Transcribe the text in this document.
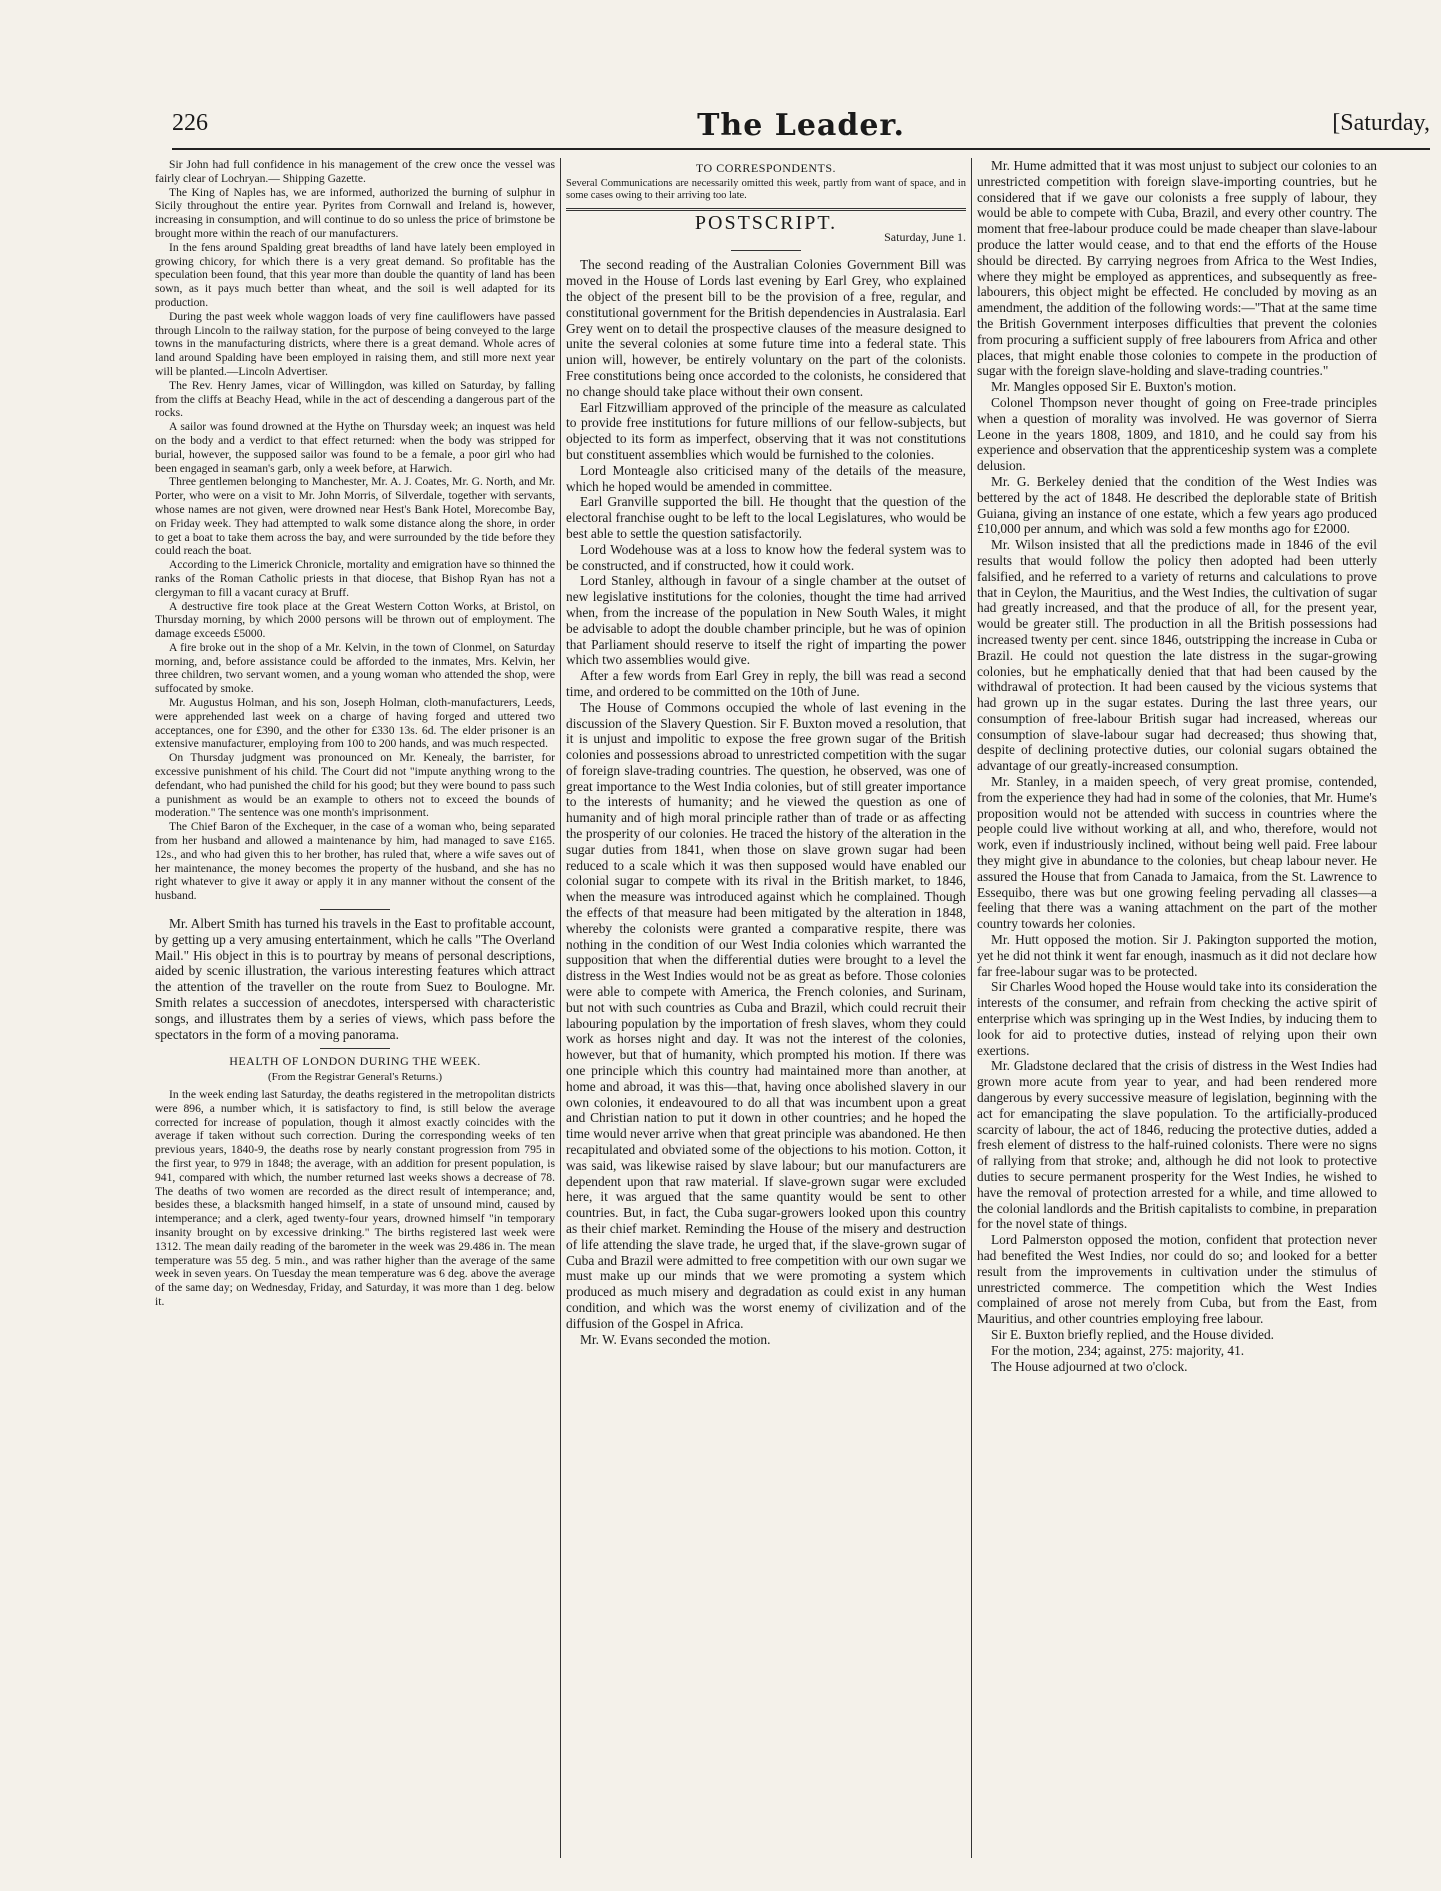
226	The Leader.	[Saturday,

Sir John had full confidence in his management of the crew once the vessel was fairly clear of Lochryan.— Shipping Gazette.

The King of Naples has, we are informed, authorized the burning of sulphur in Sicily throughout the entire year. Pyrites from Cornwall and Ireland is, however, increasing in consumption, and will continue to do so unless the price of brimstone be brought more within the reach of our manufacturers.

In the fens around Spalding great breadths of land have lately been employed in growing chicory, for which there is a very great demand. So profitable has the speculation been found, that this year more than double the quantity of land has been sown, as it pays much better than wheat, and the soil is well adapted for its production.

During the past week whole waggon loads of very fine cauliflowers have passed through Lincoln to the railway station, for the purpose of being conveyed to the large towns in the manufacturing districts, where there is a great demand. Whole acres of land around Spalding have been employed in raising them, and still more next year will be planted.—Lincoln Advertiser.

The Rev. Henry James, vicar of Willingdon, was killed on Saturday, by falling from the cliffs at Beachy Head, while in the act of descending a dangerous part of the rocks.

A sailor was found drowned at the Hythe on Thursday week; an inquest was held on the body and a verdict to that effect returned: when the body was stripped for burial, however, the supposed sailor was found to be a female, a poor girl who had been engaged in seaman's garb, only a week before, at Harwich.

Three gentlemen belonging to Manchester, Mr. A. J. Coates, Mr. G. North, and Mr. Porter, who were on a visit to Mr. John Morris, of Silverdale, together with servants, whose names are not given, were drowned near Hest's Bank Hotel, Morecombe Bay, on Friday week. They had attempted to walk some distance along the shore, in order to get a boat to take them across the bay, and were surrounded by the tide before they could reach the boat.

According to the Limerick Chronicle, mortality and emigration have so thinned the ranks of the Roman Catholic priests in that diocese, that Bishop Ryan has not a clergyman to fill a vacant curacy at Bruff.

A destructive fire took place at the Great Western Cotton Works, at Bristol, on Thursday morning, by which 2000 persons will be thrown out of employment. The damage exceeds £5000.

A fire broke out in the shop of a Mr. Kelvin, in the town of Clonmel, on Saturday morning, and, before assistance could be afforded to the inmates, Mrs. Kelvin, her three children, two servant women, and a young woman who attended the shop, were suffocated by smoke.

Mr. Augustus Holman, and his son, Joseph Holman, cloth-manufacturers, Leeds, were apprehended last week on a charge of having forged and uttered two acceptances, one for £390, and the other for £330 13s. 6d. The elder prisoner is an extensive manufacturer, employing from 100 to 200 hands, and was much respected.

On Thursday judgment was pronounced on Mr. Kenealy, the barrister, for excessive punishment of his child. The Court did not "impute anything wrong to the defendant, who had punished the child for his good; but they were bound to pass such a punishment as would be an example to others not to exceed the bounds of moderation." The sentence was one month's imprisonment.

The Chief Baron of the Exchequer, in the case of a woman who, being separated from her husband and allowed a maintenance by him, had managed to save £165. 12s., and who had given this to her brother, has ruled that, where a wife saves out of her maintenance, the money becomes the property of the husband, and she has no right whatever to give it away or apply it in any manner without the consent of the husband.

Mr. Albert Smith has turned his travels in the East to profitable account, by getting up a very amusing entertainment, which he calls "The Overland Mail." His object in this is to pourtray by means of personal descriptions, aided by scenic illustration, the various interesting features which attract the attention of the traveller on the route from Suez to Boulogne. Mr. Smith relates a succession of anecdotes, interspersed with characteristic songs, and illustrates them by a series of views, which pass before the spectators in the form of a moving panorama.

HEALTH OF LONDON DURING THE WEEK.
(From the Registrar General's Returns.)

In the week ending last Saturday, the deaths registered in the metropolitan districts were 896, a number which, it is satisfactory to find, is still below the average corrected for increase of population, though it almost exactly coincides with the average if taken without such correction. During the corresponding weeks of ten previous years, 1840-9, the deaths rose by nearly constant progression from 795 in the first year, to 979 in 1848; the average, with an addition for present population, is 941, compared with which, the number returned last weeks shows a decrease of 78. The deaths of two women are recorded as the direct result of intemperance; and, besides these, a blacksmith hanged himself, in a state of unsound mind, caused by intemperance; and a clerk, aged twenty-four years, drowned himself "in temporary insanity brought on by excessive drinking." The births registered last week were 1312. The mean daily reading of the barometer in the week was 29.486 in. The mean temperature was 55 deg. 5 min., and was rather higher than the average of the same week in seven years. On Tuesday the mean temperature was 6 deg. above the average of the same day; on Wednesday, Friday, and Saturday, it was more than 1 deg. below it.

TO CORRESPONDENTS.

Several Communications are necessarily omitted this week, partly from want of space, and in some cases owing to their arriving too late.

POSTSCRIPT.
Saturday, June 1.

The second reading of the Australian Colonies Government Bill was moved in the House of Lords last evening by Earl Grey, who explained the object of the present bill to be the provision of a free, regular, and constitutional government for the British dependencies in Australasia. Earl Grey went on to detail the prospective clauses of the measure designed to unite the several colonies at some future time into a federal state. This union will, however, be entirely voluntary on the part of the colonists. Free constitutions being once accorded to the colonists, he considered that no change should take place without their own consent.

Earl Fitzwilliam approved of the principle of the measure as calculated to provide free institutions for future millions of our fellow-subjects, but objected to its form as imperfect, observing that it was not constitutions but constituent assemblies which would be furnished to the colonies.

Lord Monteagle also criticised many of the details of the measure, which he hoped would be amended in committee.

Earl Granville supported the bill. He thought that the question of the electoral franchise ought to be left to the local Legislatures, who would be best able to settle the question satisfactorily.

Lord Wodehouse was at a loss to know how the federal system was to be constructed, and if constructed, how it could work.

Lord Stanley, although in favour of a single chamber at the outset of new legislative institutions for the colonies, thought the time had arrived when, from the increase of the population in New South Wales, it might be advisable to adopt the double chamber principle, but he was of opinion that Parliament should reserve to itself the right of imparting the power which two assemblies would give.

After a few words from Earl Grey in reply, the bill was read a second time, and ordered to be committed on the 10th of June.

The House of Commons occupied the whole of last evening in the discussion of the Slavery Question. Sir F. Buxton moved a resolution, that it is unjust and impolitic to expose the free grown sugar of the British colonies and possessions abroad to unrestricted competition with the sugar of foreign slave-trading countries. The question, he observed, was one of great importance to the West India colonies, but of still greater importance to the interests of humanity; and he viewed the question as one of humanity and of high moral principle rather than of trade or as affecting the prosperity of our colonies. He traced the history of the alteration in the sugar duties from 1841, when those on slave grown sugar had been reduced to a scale which it was then supposed would have enabled our colonial sugar to compete with its rival in the British market, to 1846, when the measure was introduced against which he complained. Though the effects of that measure had been mitigated by the alteration in 1848, whereby the colonists were granted a comparative respite, there was nothing in the condition of our West India colonies which warranted the supposition that when the differential duties were brought to a level the distress in the West Indies would not be as great as before. Those colonies were able to compete with America, the French colonies, and Surinam, but not with such countries as Cuba and Brazil, which could recruit their labouring population by the importation of fresh slaves, whom they could work as horses night and day. It was not the interest of the colonies, however, but that of humanity, which prompted his motion. If there was one principle which this country had maintained more than another, at home and abroad, it was this—that, having once abolished slavery in our own colonies, it endeavoured to do all that was incumbent upon a great and Christian nation to put it down in other countries; and he hoped the time would never arrive when that great principle was abandoned. He then recapitulated and obviated some of the objections to his motion. Cotton, it was said, was likewise raised by slave labour; but our manufacturers are dependent upon that raw material. If slave-grown sugar were excluded here, it was argued that the same quantity would be sent to other countries. But, in fact, the Cuba sugar-growers looked upon this country as their chief market. Reminding the House of the misery and destruction of life attending the slave trade, he urged that, if the slave-grown sugar of Cuba and Brazil were admitted to free competition with our own sugar we must make up our minds that we were promoting a system which produced as much misery and degradation as could exist in any human condition, and which was the worst enemy of civilization and of the diffusion of the Gospel in Africa.

Mr. W. Evans seconded the motion.

Mr. Hume admitted that it was most unjust to subject our colonies to an unrestricted competition with foreign slave-importing countries, but he considered that if we gave our colonists a free supply of labour, they would be able to compete with Cuba, Brazil, and every other country. The moment that free-labour produce could be made cheaper than slave-labour produce the latter would cease, and to that end the efforts of the House should be directed. By carrying negroes from Africa to the West Indies, where they might be employed as apprentices, and subsequently as free-labourers, this object might be effected. He concluded by moving as an amendment, the addition of the following words:—"That at the same time the British Government interposes difficulties that prevent the colonies from procuring a sufficient supply of free labourers from Africa and other places, that might enable those colonies to compete in the production of sugar with the foreign slave-holding and slave-trading countries."

Mr. Mangles opposed Sir E. Buxton's motion.

Colonel Thompson never thought of going on Free-trade principles when a question of morality was involved. He was governor of Sierra Leone in the years 1808, 1809, and 1810, and he could say from his experience and observation that the apprenticeship system was a complete delusion.

Mr. G. Berkeley denied that the condition of the West Indies was bettered by the act of 1848. He described the deplorable state of British Guiana, giving an instance of one estate, which a few years ago produced £10,000 per annum, and which was sold a few months ago for £2000.

Mr. Wilson insisted that all the predictions made in 1846 of the evil results that would follow the policy then adopted had been utterly falsified, and he referred to a variety of returns and calculations to prove that in Ceylon, the Mauritius, and the West Indies, the cultivation of sugar had greatly increased, and that the produce of all, for the present year, would be greater still. The production in all the British possessions had increased twenty per cent. since 1846, outstripping the increase in Cuba or Brazil. He could not question the late distress in the sugar-growing colonies, but he emphatically denied that that had been caused by the withdrawal of protection. It had been caused by the vicious systems that had grown up in the sugar estates. During the last three years, our consumption of free-labour British sugar had increased, whereas our consumption of slave-labour sugar had decreased; thus showing that, despite of declining protective duties, our colonial sugars obtained the advantage of our greatly-increased consumption.

Mr. Stanley, in a maiden speech, of very great promise, contended, from the experience they had had in some of the colonies, that Mr. Hume's proposition would not be attended with success in countries where the people could live without working at all, and who, therefore, would not work, even if industriously inclined, without being well paid. Free labour they might give in abundance to the colonies, but cheap labour never. He assured the House that from Canada to Jamaica, from the St. Lawrence to Essequibo, there was but one growing feeling pervading all classes—a feeling that there was a waning attachment on the part of the mother country towards her colonies.

Mr. Hutt opposed the motion. Sir J. Pakington supported the motion, yet he did not think it went far enough, inasmuch as it did not declare how far free-labour sugar was to be protected.

Sir Charles Wood hoped the House would take into its consideration the interests of the consumer, and refrain from checking the active spirit of enterprise which was springing up in the West Indies, by inducing them to look for aid to protective duties, instead of relying upon their own exertions.

Mr. Gladstone declared that the crisis of distress in the West Indies had grown more acute from year to year, and had been rendered more dangerous by every successive measure of legislation, beginning with the act for emancipating the slave population. To the artificially-produced scarcity of labour, the act of 1846, reducing the protective duties, added a fresh element of distress to the half-ruined colonists. There were no signs of rallying from that stroke; and, although he did not look to protective duties to secure permanent prosperity for the West Indies, he wished to have the removal of protection arrested for a while, and time allowed to the colonial landlords and the British capitalists to combine, in preparation for the novel state of things.

Lord Palmerston opposed the motion, confident that protection never had benefited the West Indies, nor could do so; and looked for a better result from the improvements in cultivation under the stimulus of unrestricted commerce. The competition which the West Indies complained of arose not merely from Cuba, but from the East, from Mauritius, and other countries employing free labour.

Sir E. Buxton briefly replied, and the House divided.

For the motion, 234; against, 275: majority, 41.

The House adjourned at two o'clock.
